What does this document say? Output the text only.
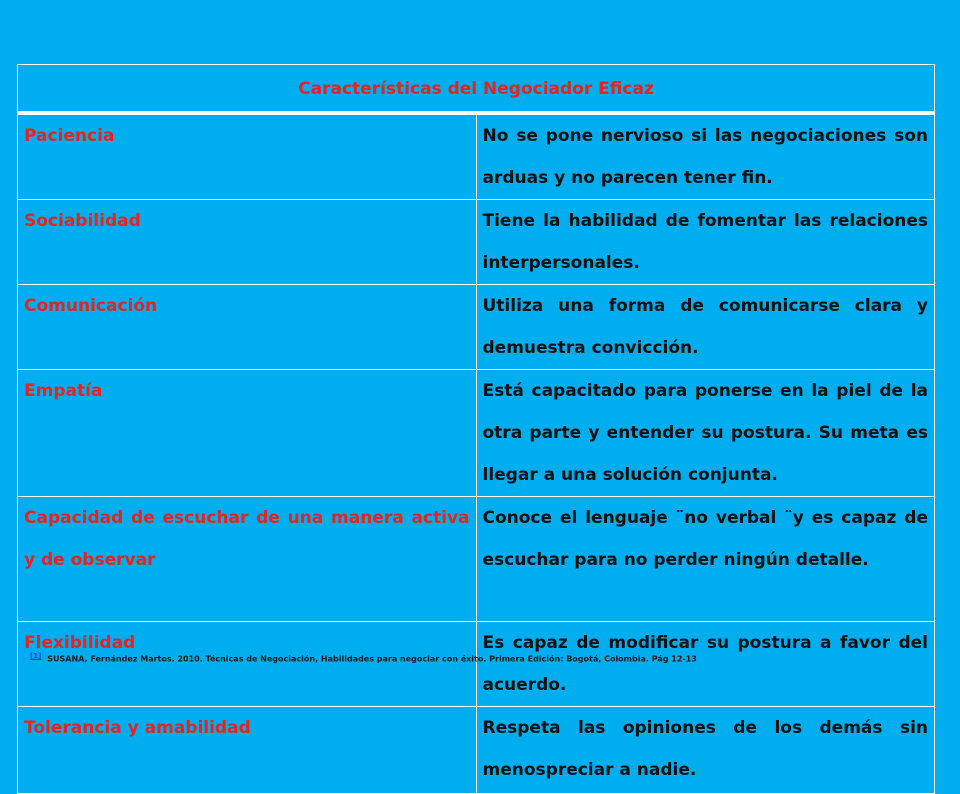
Características del Negociador Eficaz	
Paciencia	No se pone nervioso si las negociaciones son arduas y no parecen tener fin.
Sociabilidad	Tiene la habilidad de fomentar las relaciones interpersonales.
Comunicación	Utiliza una forma de comunicarse clara y demuestra convicción.
Empatía	Está capacitado para ponerse en la piel de la otra parte y entender su postura. Su meta es llegar a una solución conjunta.
Capacidad de escuchar de una manera activa y de observar	Conoce el lenguaje ¨no verbal ¨y es capaz de escuchar para no perder ningún detalle.
Flexibilidad	Es capaz de modificar su postura a favor del acuerdo.
Tolerancia y amabilidad	Respeta las opiniones de los demás sin menospreciar a nadie.
[1] SUSANA, Fernández Martos. 2010. Técnicas de Negociación, Habilidades para negociar con éxito. Primera Edición: Bogotá, Colombia. Pág 12-13
